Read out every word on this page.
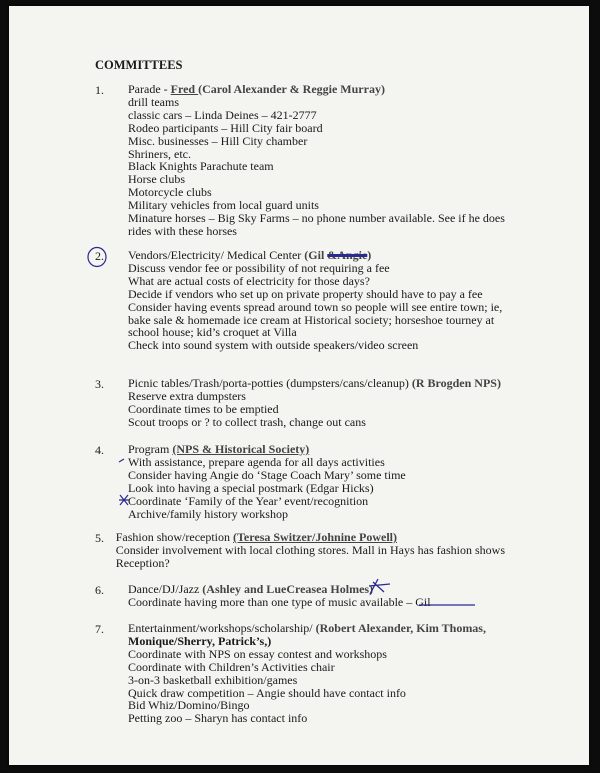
COMMITTEES
1.	Parade - Fred (Carol Alexander & Reggie Murray)
drill teams
classic cars – Linda Deines – 421-2777
Rodeo participants – Hill City fair board
Misc. businesses – Hill City chamber
Shriners, etc.
Black Knights Parachute team
Horse clubs
Motorcycle clubs
Military vehicles from local guard units
Minature horses – Big Sky Farms – no phone number available. See if he does
rides with these horses
2.	Vendors/Electricity/ Medical Center (Gil &Angie)
Discuss vendor fee or possibility of not requiring a fee
What are actual costs of electricity for those days?
Decide if vendors who set up on private property should have to pay a fee
Consider having events spread around town so people will see entire town; ie,
bake sale & homemade ice cream at Historical society; horseshoe tourney at
school house; kid’s croquet at Villa
Check into sound system with outside speakers/video screen
3.	Picnic tables/Trash/porta-potties (dumpsters/cans/cleanup) (R Brogden NPS)
Reserve extra dumpsters
Coordinate times to be emptied
Scout troops or ? to collect trash, change out cans
4.	Program (NPS & Historical Society)
With assistance, prepare agenda for all days activities
Consider having Angie do ‘Stage Coach Mary’ some time
Look into having a special postmark (Edgar Hicks)
Coordinate ‘Family of the Year’ event/recognition
Archive/family history workshop
5. Fashion show/reception (Teresa Switzer/Johnine Powell)
Consider involvement with local clothing stores. Mall in Hays has fashion shows
Reception?
6.	Dance/DJ/Jazz (Ashley and LueCreasea Holmes)
Coordinate having more than one type of music available – Gil
7.	Entertainment/workshops/scholarship/ (Robert Alexander, Kim Thomas,
Monique/Sherry, Patrick’s,)
Coordinate with NPS on essay contest and workshops
Coordinate with Children’s Activities chair
3-on-3 basketball exhibition/games
Quick draw competition – Angie should have contact info
Bid Whiz/Domino/Bingo
Petting zoo – Sharyn has contact info
